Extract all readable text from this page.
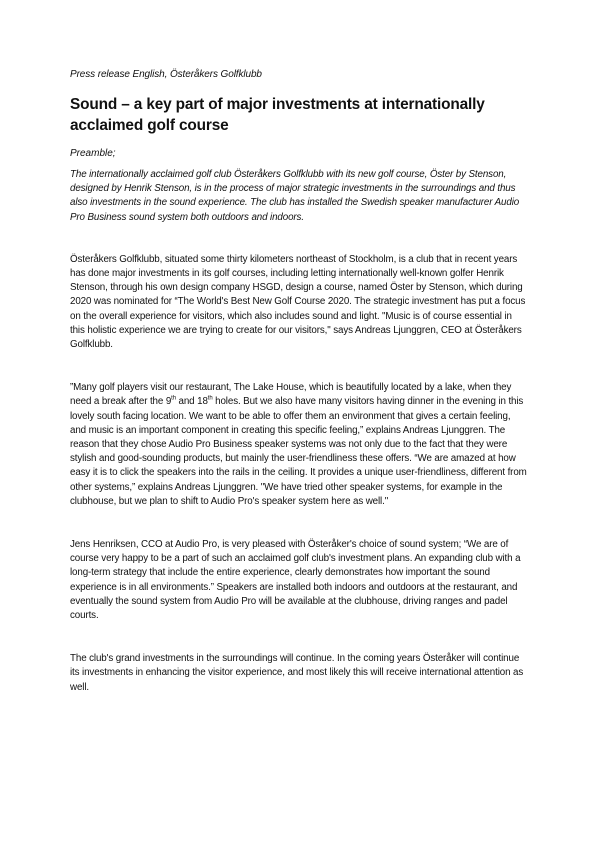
Press release English, Österåkers Golfklubb

Sound – a key part of major investments at internationally acclaimed golf course

Preamble;

The internationally acclaimed golf club Österåkers Golfklubb with its new golf course, Öster by Stenson, designed by Henrik Stenson, is in the process of major strategic investments in the surroundings and thus also investments in the sound experience. The club has installed the Swedish speaker manufacturer Audio Pro Business sound system both outdoors and indoors.

Österåkers Golfklubb, situated some thirty kilometers northeast of Stockholm, is a club that in recent years has done major investments in its golf courses, including letting internationally well-known golfer Henrik Stenson, through his own design company HSGD, design a course, named Öster by Stenson, which during 2020 was nominated for “The World's Best New Golf Course 2020. The strategic investment has put a focus on the overall experience for visitors, which also includes sound and light. "Music is of course essential in this holistic experience we are trying to create for our visitors," says Andreas Ljunggren, CEO at Österåkers Golfklubb.

”Many golf players visit our restaurant, The Lake House, which is beautifully located by a lake, when they need a break after the 9th and 18th holes. But we also have many visitors having dinner in the evening in this lovely south facing location. We want to be able to offer them an environment that gives a certain feeling, and music is an important component in creating this specific feeling,” explains Andreas Ljunggren. The reason that they chose Audio Pro Business speaker systems was not only due to the fact that they were stylish and good-sounding products, but mainly the user-friendliness these offers. “We are amazed at how easy it is to click the speakers into the rails in the ceiling. It provides a unique user-friendliness, different from other systems,” explains Andreas Ljunggren. "We have tried other speaker systems, for example in the clubhouse, but we plan to shift to Audio Pro's speaker system here as well."

Jens Henriksen, CCO at Audio Pro, is very pleased with Österåker's choice of sound system; “We are of course very happy to be a part of such an acclaimed golf club's investment plans. An expanding club with a long-term strategy that include the entire experience, clearly demonstrates how important the sound experience is in all environments.” Speakers are installed both indoors and outdoors at the restaurant, and eventually the sound system from Audio Pro will be available at the clubhouse, driving ranges and padel courts.

The club's grand investments in the surroundings will continue. In the coming years Österåker will continue its investments in enhancing the visitor experience, and most likely this will receive international attention as well.
